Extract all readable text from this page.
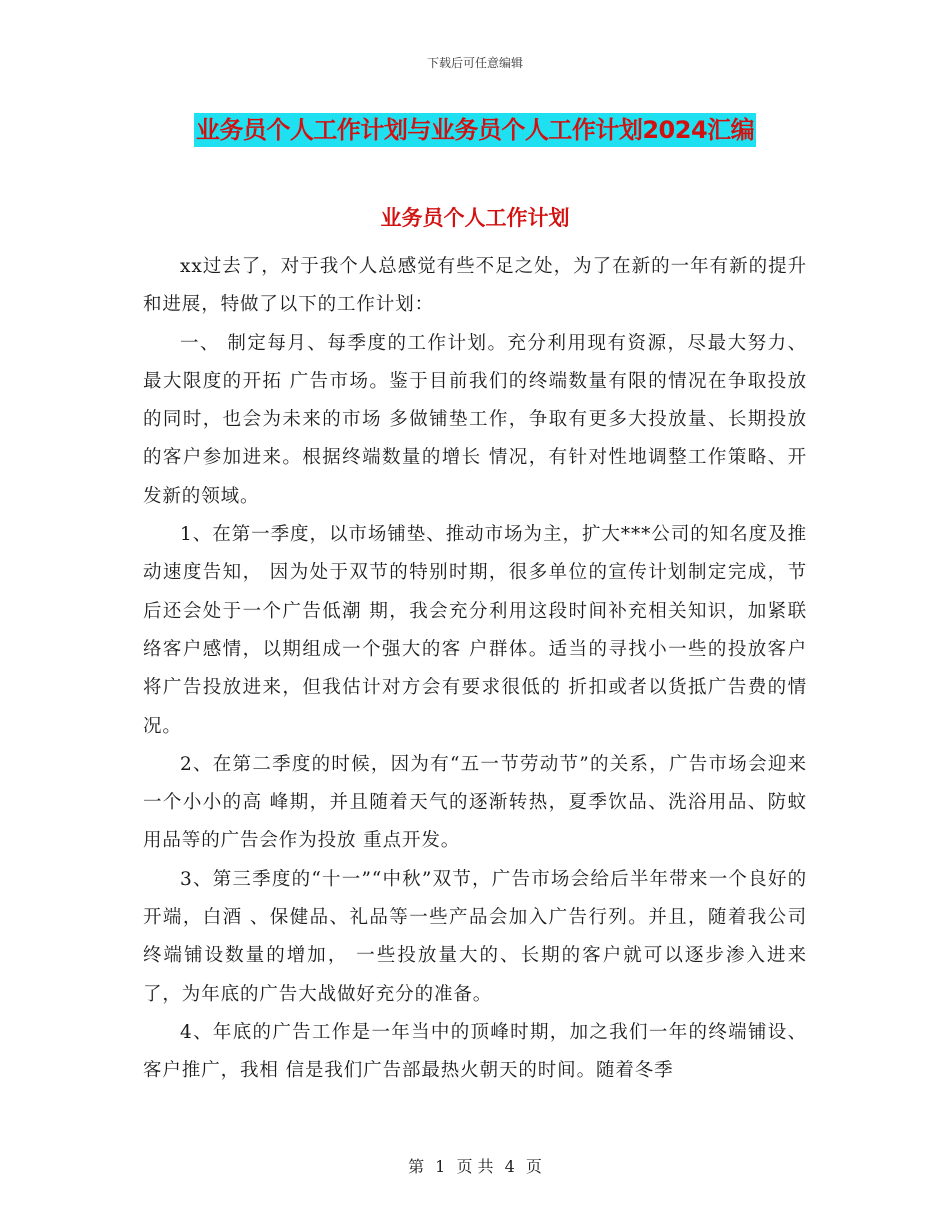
下载后可任意编辑
业务员个人工作计划与业务员个人工作计划2024汇编
业务员个人工作计划

xx过去了，对于我个人总感觉有些不足之处，为了在新的一年有新的提升和进展，特做了以下的工作计划：

一、 制定每月、每季度的工作计划。充分利用现有资源，尽最大努力、最大限度的开拓 广告市场。鉴于目前我们的终端数量有限的情况在争取投放的同时，也会为未来的市场 多做铺垫工作，争取有更多大投放量、长期投放的客户参加进来。根据终端数量的增长 情况，有针对性地调整工作策略、开发新的领域。

1、在第一季度，以市场铺垫、推动市场为主，扩大***公司的知名度及推动速度告知， 因为处于双节的特别时期，很多单位的宣传计划制定完成，节后还会处于一个广告低潮 期，我会充分利用这段时间补充相关知识，加紧联络客户感情，以期组成一个强大的客 户群体。适当的寻找小一些的投放客户将广告投放进来，但我估计对方会有要求很低的 折扣或者以货抵广告费的情况。

2、在第二季度的时候，因为有“五一节劳动节”的关系，广告市场会迎来一个小小的高 峰期，并且随着天气的逐渐转热，夏季饮品、洗浴用品、防蚊用品等的广告会作为投放 重点开发。

3、第三季度的“十一”“中秋”双节，广告市场会给后半年带来一个良好的开端，白酒 、保健品、礼品等一些产品会加入广告行列。并且，随着我公司终端铺设数量的增加， 一些投放量大的、长期的客户就可以逐步渗入进来了，为年底的广告大战做好充分的准备。

4、年底的广告工作是一年当中的顶峰时期，加之我们一年的终端铺设、客户推广，我相 信是我们广告部最热火朝天的时间。随着冬季

第 1 页 共 4 页
